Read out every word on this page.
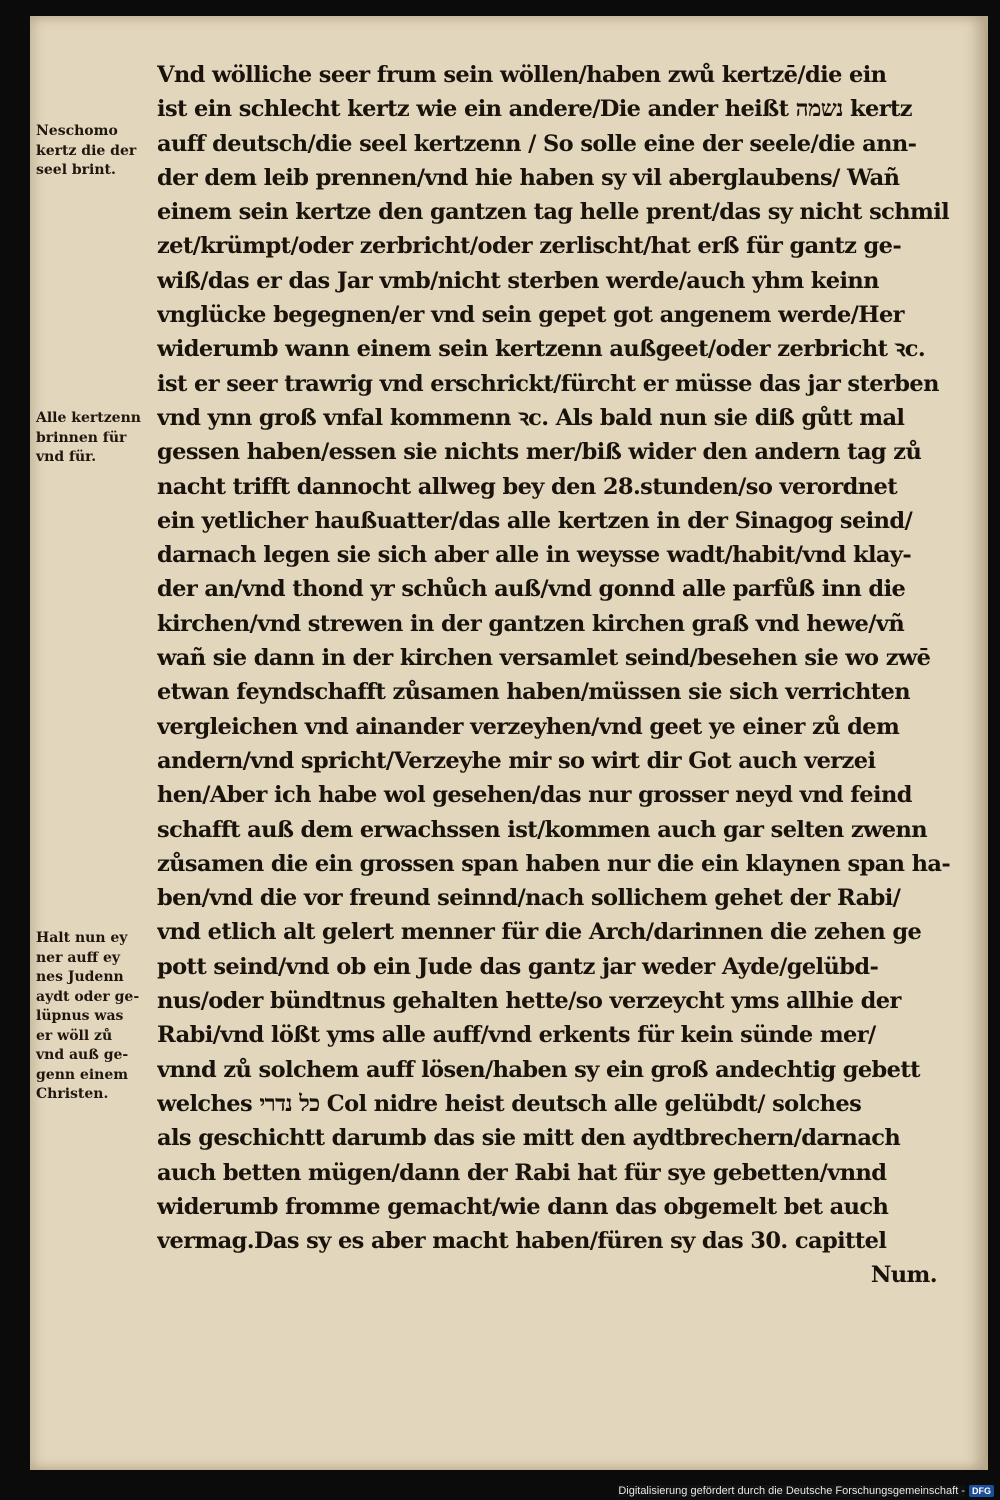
Vnd wölliche seer frum sein wöllen/haben zwů kertzē/die ein
ist ein schlecht kertz wie ein andere/Die ander heißt נשמה kertz
auff deutsch/die seel kertzenn / So solle eine der seele/die ann-
der dem leib prennen/vnd hie haben sy vil aberglaubens/ Wañ
einem sein kertze den gantzen tag helle prent/das sy nicht schmil
zet/krümpt/oder zerbricht/oder zerlischt/hat erß für gantz ge-
wiß/das er das Jar vmb/nicht sterben werde/auch yhm keinn
vnglücke begegnen/er vnd sein gepet got angenem werde/Her
widerumb wann einem sein kertzenn außgeet/oder zerbricht ꝛc.
ist er seer trawrig vnd erschrickt/fürcht er müsse das jar sterben
vnd ynn groß vnfal kommenn ꝛc. Als bald nun sie diß gůtt mal
gessen haben/essen sie nichts mer/biß wider den andern tag zů
nacht trifft dannocht allweg bey den 28.stunden/so verordnet
ein yetlicher haußuatter/das alle kertzen in der Sinagog seind/
darnach legen sie sich aber alle in weysse wadt/habit/vnd klay-
der an/vnd thond yr schůch auß/vnd gonnd alle parfůß inn die
kirchen/vnd strewen in der gantzen kirchen graß vnd hewe/vñ
wañ sie dann in der kirchen versamlet seind/besehen sie wo zwē
etwan feyndschafft zůsamen haben/müssen sie sich verrichten
vergleichen vnd ainander verzeyhen/vnd geet ye einer zů dem
andern/vnd spricht/Verzeyhe mir so wirt dir Got auch verzei
hen/Aber ich habe wol gesehen/das nur grosser neyd vnd feind
schafft auß dem erwachssen ist/kommen auch gar selten zwenn
zůsamen die ein grossen span haben nur die ein klaynen span ha-
ben/vnd die vor freund seinnd/nach sollichem gehet der Rabi/
vnd etlich alt gelert menner für die Arch/darinnen die zehen ge
pott seind/vnd ob ein Jude das gantz jar weder Ayde/gelübd-
nus/oder bündtnus gehalten hette/so verzeycht yms allhie der
Rabi/vnd lößt yms alle auff/vnd erkents für kein sünde mer/
vnnd zů solchem auff lösen/haben sy ein groß andechtig gebett
welches כל נדרי Col nidre heist deutsch alle gelübdt/ solches
als geschichtt darumb das sie mitt den aydtbrechern/darnach
auch betten mügen/dann der Rabi hat für sye gebetten/vnnd
widerumb fromme gemacht/wie dann das obgemelt bet auch
vermag.Das sy es aber macht haben/füren sy das 30. capittel
Num.
Neschomo
kertz die der
seel brint.
Alle kertzenn
brinnen für
vnd für.
Halt nun ey
ner auff ey
nes Judenn
aydt oder ge-
lüpnus was
er wöll zů
vnd auß ge-
genn einem
Christen.
Digitalisierung gefördert durch die Deutsche Forschungsgemeinschaft - DFG
